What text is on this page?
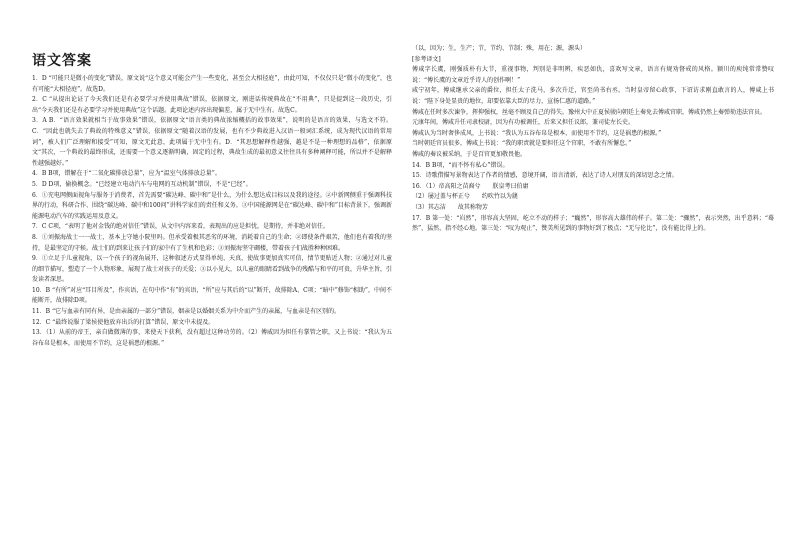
语文答案
1．D “可能只是微小的变化”错误，原文说“这个意义可能会产生一些变化，甚至会大相径庭”，由此可知，不仅仅只是“微小的变化”，也有可能“大相径庭”。故选D。
2．C “从提出论证了今天我们还是有必要学习并使用典故”错误，依据原文，刚进话传统典故在“不用典”，只是提到这一段历史，引出“今天我们还是有必要学习并使用典故”这个话题。此项论述内容出现偏差，属于无中生有。故选C。
3．A B．“语言效果就相当于故事效果”错误，依据原文“语言类的典故浓缩概括的故事效果”，说明的是语言的效果，与选文不符。C．“因此也就失去了典故的特殊意义”错误，依据原文“随着汉语的发展，也有不少典故进入汉语一般词汇系统，成为现代汉语的常用词”，被人们广泛理解和接受”可知，原文无此意，此项属于无中生有。D．“其思想解释性越强，越是不是一种理想的品格”，依据原文“其次，一个典故的最终形成，还需要一个意义逐渐明确，固定的过程，典故生成的最初意义往往具有多种阐释可能，所以并不是解释性越强越好。”
4．B B项，错解在于“二氧化碳排放总量”，应为“温室气体排放总量”。
5．D D项，偷换概念。“已经建立电动汽车与电网的互动机制”错误，不是“已经”。
6．①充电网侧面视角与服务于消费者，首先需要“碳达峰、碳中和”是什么，为什么想达成目标以及我的途径。②中新网侧重于强调科技界的行动，科研合作、围绕“碳达峰、碳中和100问”讲科学家们的责任和义务。③中国能源网是在“碳达峰、碳中和”目标背景下，强调新能源电动汽车的实践运用及意义。
7．C C项，“表明了他对金钱的绝对信任”错误，从文中内容来看，表现出的应是担忧，是期待，并非绝对信任。
8．①刘振海战士一一战士，基本上守她小院里吗。但承受着极其恶劣的环境，消耗着自己的生命；②即使条件艰苦，他们也有着我的坚持，是最坚定的守候。战士们的到来让孩子们的家中有了生机和色彩；③刘振海坚守碉楼，带着孩子们战胜种种困难。
9．①立足于儿童视角，以一个孩子的视角展开，这种叙述方式显得单纯、天真，使故事更加真实可信，情节更贴近人物；②通过对儿童的细节描写，塑造了一个人物形象，展现了战士对孩子的关爱；③以小见大，以儿童的眼睛看到战争的残酷与和平的可贵，升华主旨，引发读者深思。
10．B “有所”对应“耳目所及”，作宾语，在句中作“有”的宾语，“所”应与其后的“以”断开，故排除A、C项；“暗中”修饰“相助”，中间不能断开，故排除D项。
11．B “它与血亲有同有异，是由亲属的一部分”错误，姻亲是以婚姻关系为中介而产生的亲属，与血亲是有区别的。
12．C “最终说服了梁侯使他放弃出兵的打算”错误，原文中未提及。
13．（1）从前的帝王，亲自做微薄的事，来使天下获利，没有超过这种功劳的。（2）傅威因为担任有掌管之职，又上书说：“我认为五谷布帛是根本，而使用不节约，这是祸患的根源。”
（以，因为；生，生产；节，节约、节制；殊，用在；源，源头）
[参考译文]
傅咸字长虞，刚强质朴有大节，重视事物，判别是非明辨，疾恶如仇，喜欢写文章，语言有规劝督戒的风格。颍川的庾纯常常赞叹说：“傅长虞的文章近乎诗人的创作啊！”
咸宁初年，傅咸继承父亲的爵位，担任太子洗马，多次升迁，官至尚书右丞。当时皇帝留心政事，下诏访求刚直敢言的人，傅咸上书说：“陛下身处显贵的地位，却要依靠大臣的尽力，宣扬仁惠的道路。”
傅咸在任时多次谏争，挥抑强权，丝毫不顾及自己的得失。豫州大中正夏侯骏向朝廷上奏免去傅咸官职，傅咸仍然上奏弹劾违法官员。
元康年间，傅咸升任司隶校尉，因为有功被调任，后来又担任议郎，兼司徒左长史。
傅咸认为当时奢侈成风，上书说：“我认为五谷布帛是根本，而使用不节约，这是祸患的根源。”
当时朝廷官员很多，傅咸上书说：“我的职责就是要担任这个官职，不敢有所懈怠。”
傅咸的奏议被采纳，于是百官更加敬畏他。
14．B B项，“而不怀有私心”错误。
15．诗歌借描写景物表达了作者的情感，意境开阔，语言清新，表达了诗人对朋友的深切思念之情。
16．（1）帝高阳之苗裔兮　　朕皇考曰伯庸
（2）屡过盖与杯正兮　　约吹竹以为篪
（3）其志洁　　故其称物芳
17．B 第一处：“岿然”，形容高大坚固，屹立不动的样子；“巍然”，形容高大雄伟的样子。第二处：“骤然”，表示突然，出乎意料；“蓦然”，猛然，指不经心地。第三处：“叹为观止”，赞美所见到的事物好到了极点；“无与伦比”，没有能比得上的。
